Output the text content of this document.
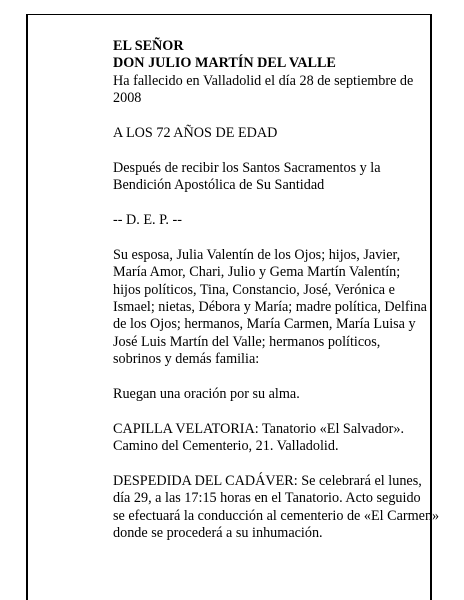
EL SEÑOR

DON JULIO MARTÍN DEL VALLE

Ha fallecido en Valladolid el día 28 de septiembre de
2008

A LOS 72 AÑOS DE EDAD

Después de recibir los Santos Sacramentos y la
Bendición Apostólica de Su Santidad

-- D. E. P. --

Su esposa, Julia Valentín de los Ojos; hijos, Javier,
María Amor, Chari, Julio y Gema Martín Valentín;
hijos políticos, Tina, Constancio, José, Verónica e
Ismael; nietas, Débora y María; madre política, Delfina
de los Ojos; hermanos, María Carmen, María Luisa y
José Luis Martín del Valle; hermanos políticos,
sobrinos y demás familia:

Ruegan una oración por su alma.

CAPILLA VELATORIA: Tanatorio «El Salvador».
Camino del Cementerio, 21. Valladolid.

DESPEDIDA DEL CADÁVER: Se celebrará el lunes,
día 29, a las 17:15 horas en el Tanatorio. Acto seguido
se efectuará la conducción al cementerio de «El Carmen»
donde se procederá a su inhumación.
